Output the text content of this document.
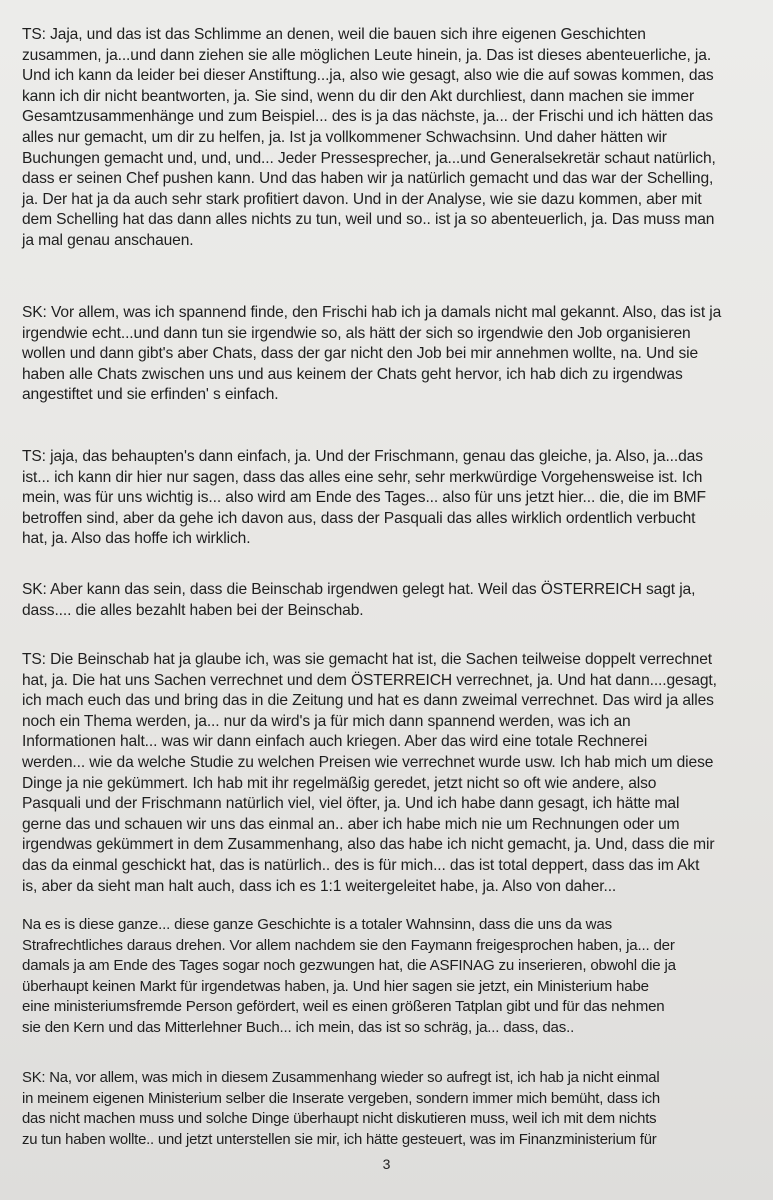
TS: Jaja, und das ist das Schlimme an denen, weil die bauen sich ihre eigenen Geschichten
zusammen, ja...und dann ziehen sie alle möglichen Leute hinein, ja. Das ist dieses abenteuerliche, ja.
Und ich kann da leider bei dieser Anstiftung...ja, also wie gesagt, also wie die auf sowas kommen, das
kann ich dir nicht beantworten, ja. Sie sind, wenn du dir den Akt durchliest, dann machen sie immer
Gesamtzusammenhänge und zum Beispiel... des is ja das nächste, ja... der Frischi und ich hätten das
alles nur gemacht, um dir zu helfen, ja. Ist ja vollkommener Schwachsinn. Und daher hätten wir
Buchungen gemacht und, und, und... Jeder Pressesprecher, ja...und Generalsekretär schaut natürlich,
dass er seinen Chef pushen kann. Und das haben wir ja natürlich gemacht und das war der Schelling,
ja. Der hat ja da auch sehr stark profitiert davon. Und in der Analyse, wie sie dazu kommen, aber mit
dem Schelling hat das dann alles nichts zu tun, weil und so.. ist ja so abenteuerlich, ja. Das muss man
ja mal genau anschauen.
SK: Vor allem, was ich spannend finde, den Frischi hab ich ja damals nicht mal gekannt. Also, das ist ja
irgendwie echt...und dann tun sie irgendwie so, als hätt der sich so irgendwie den Job organisieren
wollen und dann gibt's aber Chats, dass der gar nicht den Job bei mir annehmen wollte, na. Und sie
haben alle Chats zwischen uns und aus keinem der Chats geht hervor, ich hab dich zu irgendwas
angestiftet und sie erfinden' s einfach.
TS: jaja, das behaupten's dann einfach, ja. Und der Frischmann, genau das gleiche, ja. Also, ja...das
ist... ich kann dir hier nur sagen, dass das alles eine sehr, sehr merkwürdige Vorgehensweise ist. Ich
mein, was für uns wichtig is... also wird am Ende des Tages... also für uns jetzt hier... die, die im BMF
betroffen sind, aber da gehe ich davon aus, dass der Pasquali das alles wirklich ordentlich verbucht
hat, ja. Also das hoffe ich wirklich.
SK: Aber kann das sein, dass die Beinschab irgendwen gelegt hat. Weil das ÖSTERREICH sagt ja,
dass.... die alles bezahlt haben bei der Beinschab.
TS: Die Beinschab hat ja glaube ich, was sie gemacht hat ist, die Sachen teilweise doppelt verrechnet
hat, ja. Die hat uns Sachen verrechnet und dem ÖSTERREICH verrechnet, ja. Und hat dann....gesagt,
ich mach euch das und bring das in die Zeitung und hat es dann zweimal verrechnet. Das wird ja alles
noch ein Thema werden, ja... nur da wird's ja für mich dann spannend werden, was ich an
Informationen halt... was wir dann einfach auch kriegen. Aber das wird eine totale Rechnerei
werden... wie da welche Studie zu welchen Preisen wie verrechnet wurde usw. Ich hab mich um diese
Dinge ja nie gekümmert. Ich hab mit ihr regelmäßig geredet, jetzt nicht so oft wie andere, also
Pasquali und der Frischmann natürlich viel, viel öfter, ja. Und ich habe dann gesagt, ich hätte mal
gerne das und schauen wir uns das einmal an.. aber ich habe mich nie um Rechnungen oder um
irgendwas gekümmert in dem Zusammenhang, also das habe ich nicht gemacht, ja. Und, dass die mir
das da einmal geschickt hat, das is natürlich.. des is für mich... das ist total deppert, dass das im Akt
is, aber da sieht man halt auch, dass ich es 1:1 weitergeleitet habe, ja. Also von daher...
Na es is diese ganze... diese ganze Geschichte is a totaler Wahnsinn, dass die uns da was
Strafrechtliches daraus drehen. Vor allem nachdem sie den Faymann freigesprochen haben, ja... der
damals ja am Ende des Tages sogar noch gezwungen hat, die ASFINAG zu inserieren, obwohl die ja
überhaupt keinen Markt für irgendetwas haben, ja. Und hier sagen sie jetzt, ein Ministerium habe
eine ministeriumsfremde Person gefördert, weil es einen größeren Tatplan gibt und für das nehmen
sie den Kern und das Mitterlehner Buch... ich mein, das ist so schräg, ja... dass, das..
SK: Na, vor allem, was mich in diesem Zusammenhang wieder so aufregt ist, ich hab ja nicht einmal
in meinem eigenen Ministerium selber die Inserate vergeben, sondern immer mich bemüht, dass ich
das nicht machen muss und solche Dinge überhaupt nicht diskutieren muss, weil ich mit dem nichts
zu tun haben wollte.. und jetzt unterstellen sie mir, ich hätte gesteuert, was im Finanzministerium für
3
